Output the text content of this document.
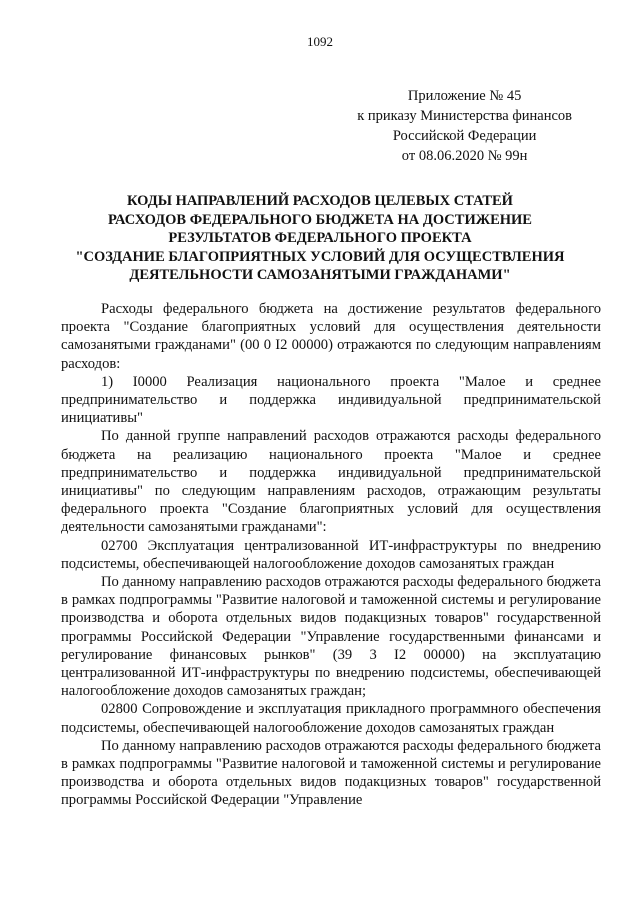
1092
Приложение № 45
к приказу Министерства финансов
Российской Федерации
от 08.06.2020 № 99н
КОДЫ НАПРАВЛЕНИЙ РАСХОДОВ ЦЕЛЕВЫХ СТАТЕЙ
РАСХОДОВ ФЕДЕРАЛЬНОГО БЮДЖЕТА НА ДОСТИЖЕНИЕ
РЕЗУЛЬТАТОВ ФЕДЕРАЛЬНОГО ПРОЕКТА
"СОЗДАНИЕ БЛАГОПРИЯТНЫХ УСЛОВИЙ ДЛЯ ОСУЩЕСТВЛЕНИЯ
ДЕЯТЕЛЬНОСТИ САМОЗАНЯТЫМИ ГРАЖДАНАМИ"

Расходы федерального бюджета на достижение результатов федерального проекта "Создание благоприятных условий для осуществления деятельности самозанятыми гражданами" (00 0 I2 00000) отражаются по следующим направлениям расходов:

1) I0000 Реализация национального проекта "Малое и среднее предпринимательство и поддержка индивидуальной предпринимательской инициативы"

По данной группе направлений расходов отражаются расходы федерального бюджета на реализацию национального проекта "Малое и среднее предпринимательство и поддержка индивидуальной предпринимательской инициативы" по следующим направлениям расходов, отражающим результаты федерального проекта "Создание благоприятных условий для осуществления деятельности самозанятыми гражданами":

02700 Эксплуатация централизованной ИТ-инфраструктуры по внедрению подсистемы, обеспечивающей налогообложение доходов самозанятых граждан

По данному направлению расходов отражаются расходы федерального бюджета в рамках подпрограммы "Развитие налоговой и таможенной системы и регулирование производства и оборота отдельных видов подакцизных товаров" государственной программы Российской Федерации "Управление государственными финансами и регулирование финансовых рынков" (39 3 I2 00000) на эксплуатацию централизованной ИТ-инфраструктуры по внедрению подсистемы, обеспечивающей налогообложение доходов самозанятых граждан;

02800 Сопровождение и эксплуатация прикладного программного обеспечения подсистемы, обеспечивающей налогообложение доходов самозанятых граждан

По данному направлению расходов отражаются расходы федерального бюджета в рамках подпрограммы "Развитие налоговой и таможенной системы и регулирование производства и оборота отдельных видов подакцизных товаров" государственной программы Российской Федерации "Управление
